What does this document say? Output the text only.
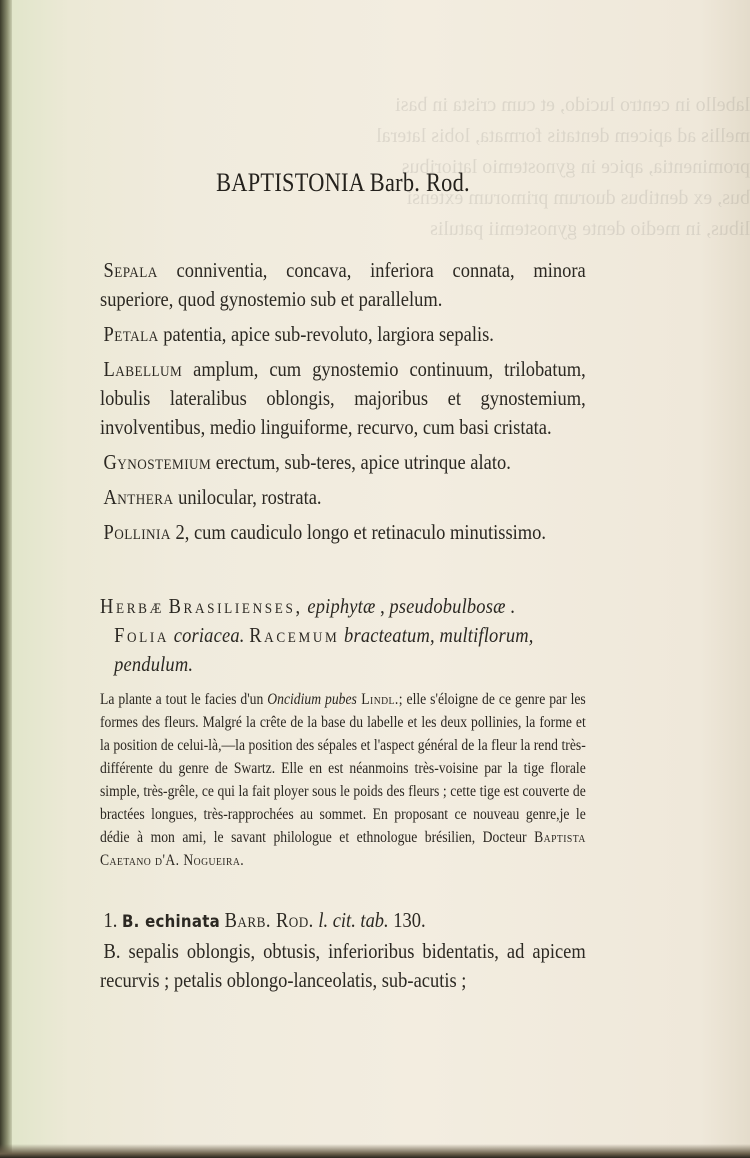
labello in centro lucido, et cum crista in basi
mellis ad apicem dentatis formata, lobis lateral
prominentia, apice in gynostemio latioribus
bus, ex dentibus duorum primorum extensi
libus, in medio dente gynostemii patulis
BAPTISTONIA Barb. Rod.

Sepala conniventia, concava, inferiora connata, minora superiore, quod gynostemio sub et parallelum.

Petala patentia, apice sub-revoluto, largiora sepalis.

Labellum amplum, cum gynostemio continuum, trilobatum, lobulis lateralibus oblongis, majoribus et gynostemium, involventibus, medio linguiforme, recurvo, cum basi cristata.

Gynostemium erectum, sub-teres, apice utrinque alato.

Anthera unilocular, rostrata.

Pollinia 2, cum caudiculo longo et retinaculo minutissimo.

Herbæ Brasilienses, epiphytæ , pseudobulbosæ .
Folia coriacea. Racemum bracteatum, multiflorum, pendulum.

La plante a tout le facies d'un Oncidium pubes Lindl.; elle s'éloigne de ce genre par les formes des fleurs. Malgré la crête de la base du labelle et les deux pollinies, la forme et la position de celui-là,—la position des sépales et l'aspect général de la fleur la rend très-différente du genre de Swartz. Elle en est néanmoins très-voisine par la tige florale simple, très-grêle, ce qui la fait ployer sous le poids des fleurs ; cette tige est couverte de bractées longues, très-rapprochées au sommet. En proposant ce nouveau genre,je le dédie à mon ami, le savant philologue et ethnologue brésilien, Docteur Baptista Caetano d'A. Nogueira.

1. B. echinata Barb. Rod. l. cit. tab. 130.
B. sepalis oblongis, obtusis, inferioribus bidentatis, ad apicem recurvis ; petalis oblongo-lanceolatis, sub-acutis ;
